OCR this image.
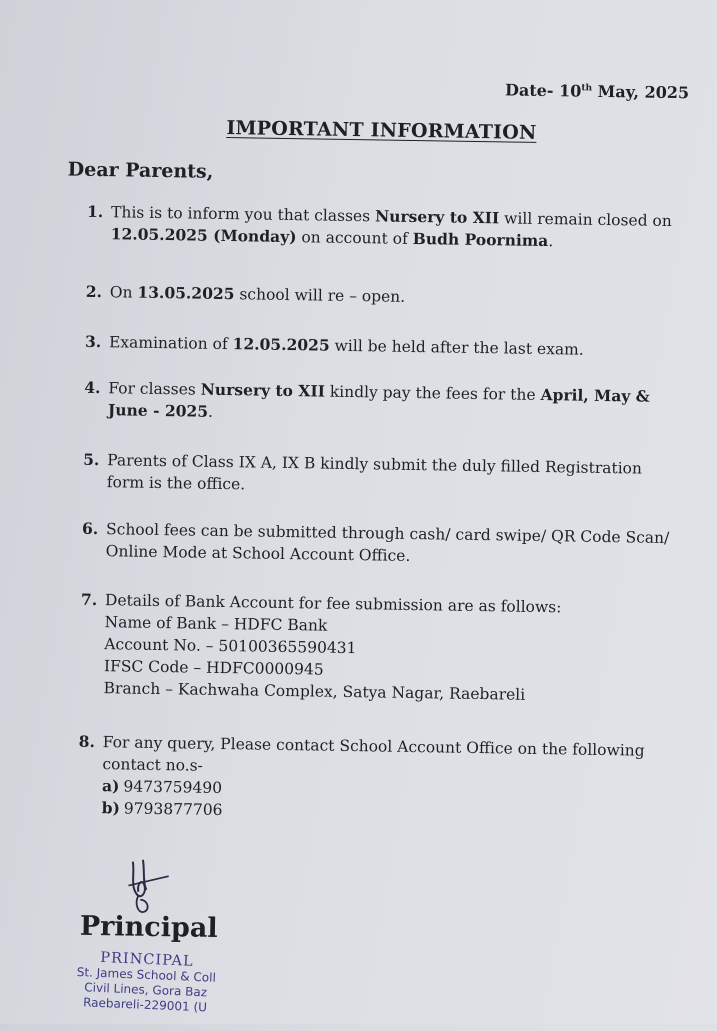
Date- 10th May, 2025
IMPORTANT INFORMATION
Dear Parents,
1. This is to inform you that classes Nursery to XII will remain closed on 12.05.2025 (Monday) on account of Budh Poornima.
2. On 13.05.2025 school will re – open.
3. Examination of 12.05.2025 will be held after the last exam.
4. For classes Nursery to XII kindly pay the fees for the April, May & June - 2025.
5. Parents of Class IX A, IX B kindly submit the duly filled Registration form is the office.
6. School fees can be submitted through cash/ card swipe/ QR Code Scan/ Online Mode at School Account Office.
7. Details of Bank Account for fee submission are as follows:
Name of Bank – HDFC Bank
Account No. – 50100365590431
IFSC Code – HDFC0000945
Branch – Kachwaha Complex, Satya Nagar, Raebareli
8. For any query, Please contact School Account Office on the following contact no.s-
a) 9473759490
b) 9793877706
Principal
PRINCIPAL
St. James School & Coll
Civil Lines, Gora Baz
Raebareli-229001 (U
